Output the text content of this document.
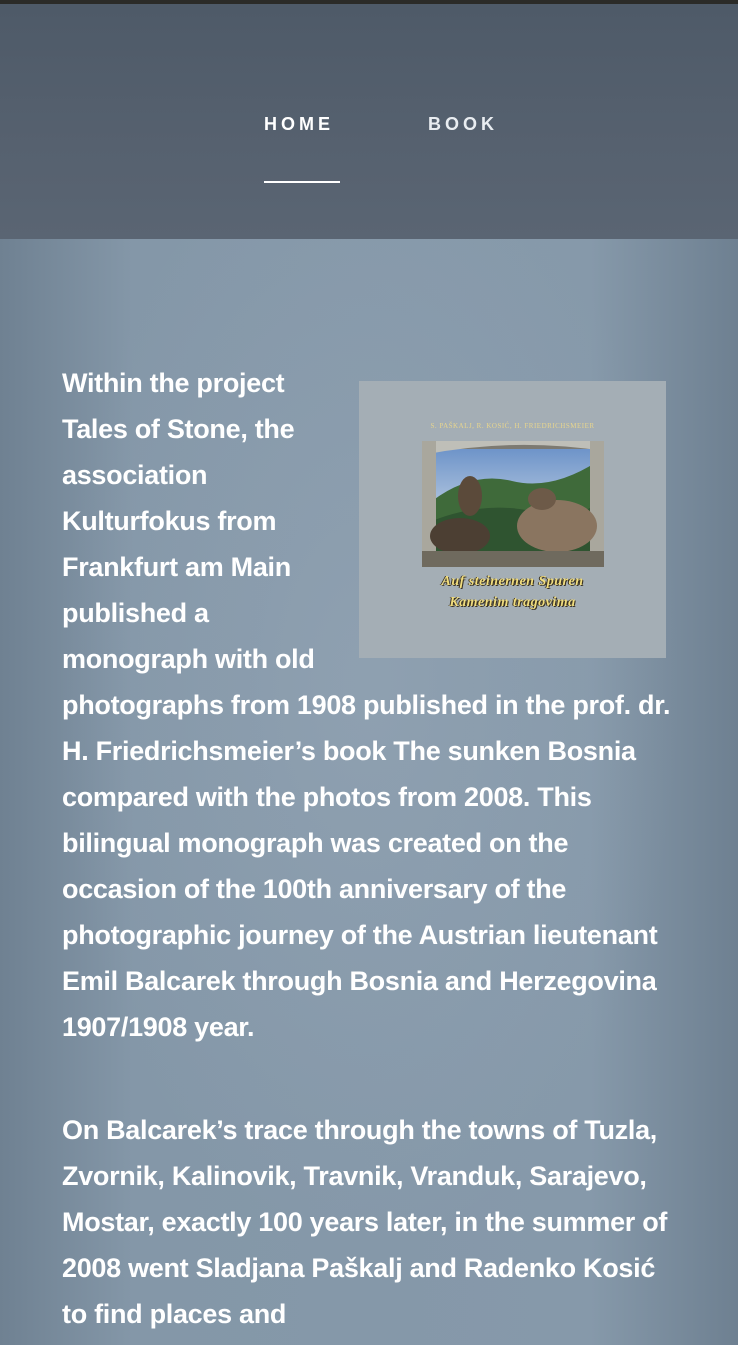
HOME	BOOK
S. PAŠKALJ, R. KOSIĆ, H. FRIEDRICHSMEIER
Auf steinernen Spuren
Kamenim tragovima
Within the project Tales of Stone, the association Kulturfokus from Frankfurt am Main published a monograph with old photographs from 1908 published in the prof. dr. H. Friedrichsmeier’s book The sunken Bosnia compared with the photos from 2008. This bilingual monograph was created on the occasion of the 100th anniversary of the photographic journey of the Austrian lieutenant Emil Balcarek through Bosnia and Herzegovina 1907/1908 year.
On Balcarek’s trace through the towns of Tuzla, Zvornik, Kalinovik, Travnik, Vranduk, Sarajevo, Mostar, exactly 100 years later, in the summer of 2008 went Sladjana Paškalj and Radenko Kosić to find places and
